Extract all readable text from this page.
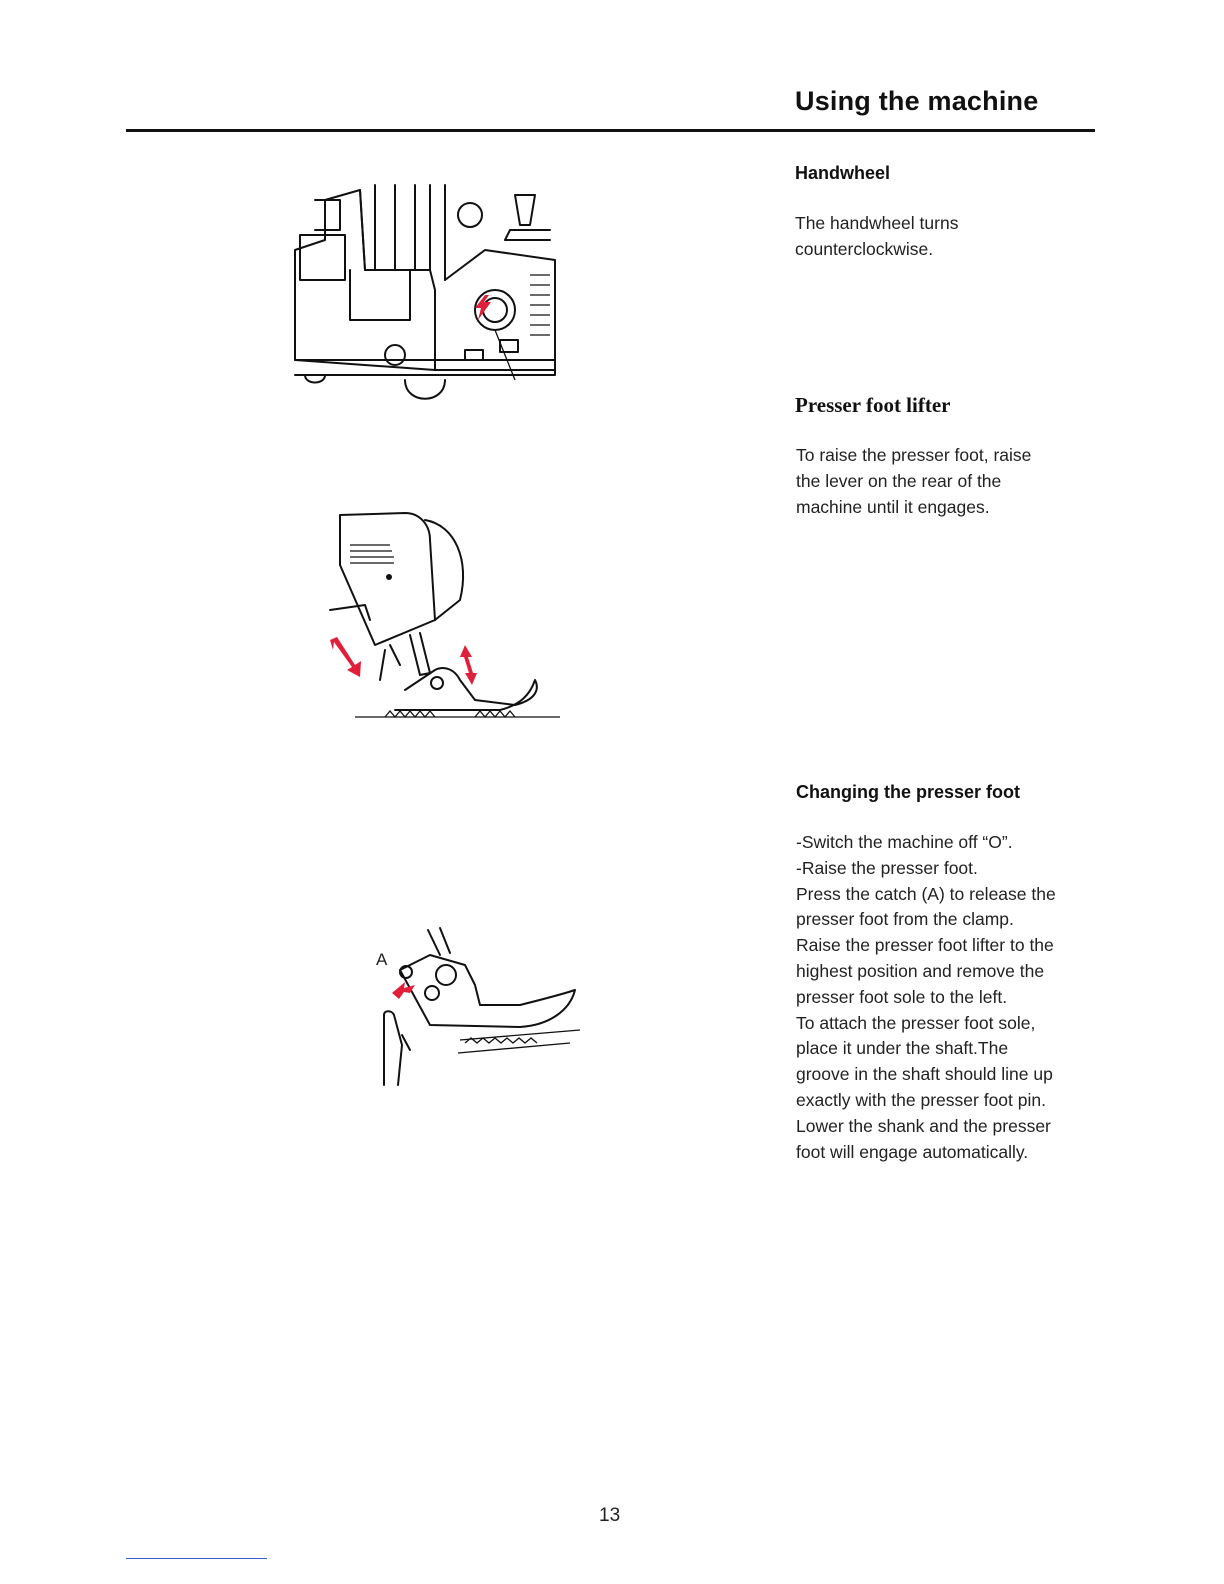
Using the machine
Handwheel
The handwheel turns
counterclockwise.
Presser foot lifter
To raise the presser foot, raise
the lever on the rear of the
machine until it engages.
A
Changing the presser foot
-Switch the machine off “O”.
-Raise the presser foot.
Press the catch (A) to release the
presser foot from the clamp.
Raise the presser foot lifter to the
highest position and remove the
presser foot sole to the left.
To attach the presser foot sole,
place it under the shaft.The
groove in the shaft should line up
exactly with the presser foot pin.
Lower the shank and the presser
foot will engage automatically.
13
